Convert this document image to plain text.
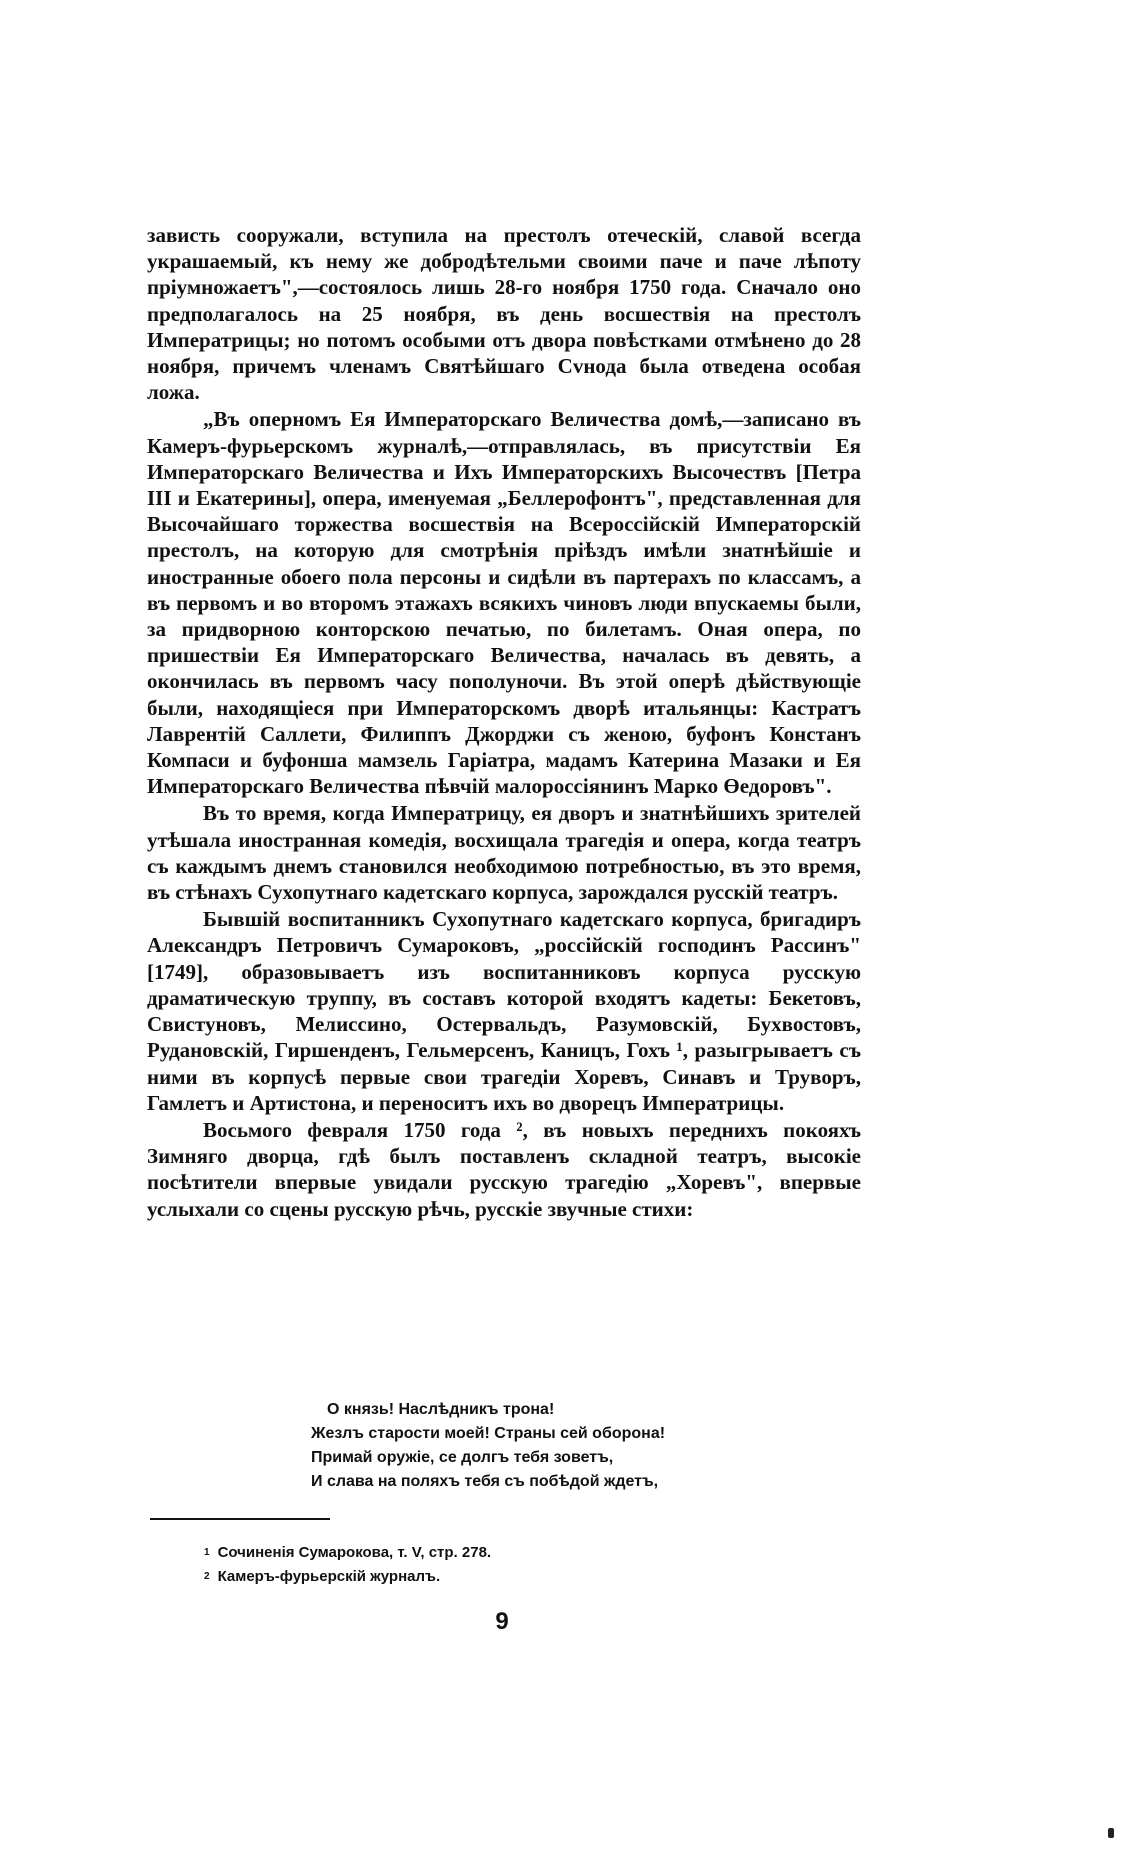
зависть сооружали, вступила на престолъ отеческій, славой всегда украшаемый, къ нему же добродѣтельми своими паче и паче лѣпоту пріумножаетъ",—состоялось лишь 28-го ноября 1750 года. Сначало оно предполагалось на 25 ноября, въ день восшествія на престолъ Императрицы; но потомъ особыми отъ двора повѣстками отмѣнено до 28 ноября, причемъ членамъ Святѣйшаго Сvнода была отведена особая ложа.

„Въ оперномъ Ея Императорскаго Величества домѣ,—записано въ Камеръ-фурьерскомъ журналѣ,—отправлялась, въ присутствіи Ея Императорскаго Величества и Ихъ Императорскихъ Высочествъ [Петра III и Екатерины], опера, именуемая „Беллерофонтъ", представленная для Высочайшаго торжества восшествія на Всероссійскій Императорскій престолъ, на которую для смотрѣнія пріѣздъ имѣли знатнѣйшіе и иностранные обоего пола персоны и сидѣли въ партерахъ по классамъ, а въ первомъ и во второмъ этажахъ всякихъ чиновъ люди впускаемы были, за придворною конторскою печатью, по билетамъ. Оная опера, по пришествіи Ея Императорскаго Величества, началась въ девять, а окончилась въ первомъ часу пополуночи. Въ этой оперѣ дѣйствующіе были, находящіеся при Императорскомъ дворѣ итальянцы: Кастратъ Лаврентій Саллети, Филиппъ Джорджи съ женою, буфонъ Констанъ Компаси и буфонша мамзель Гаріатра, мадамъ Катерина Мазаки и Ея Императорскаго Величества пѣвчій малороссіянинъ Марко Өедоровъ".

Въ то время, когда Императрицу, ея дворъ и знатнѣйшихъ зрителей утѣшала иностранная комедія, восхищала трагедія и опера, когда театръ съ каждымъ днемъ становился необходимою потребностью, въ это время, въ стѣнахъ Сухопутнаго кадетскаго корпуса, зарождался русскій театръ.

Бывшій воспитанникъ Сухопутнаго кадетскаго корпуса, бригадиръ Александръ Петровичъ Сумароковъ, „россійскій господинъ Рассинъ" [1749], образовываетъ изъ воспитанниковъ корпуса русскую драматическую труппу, въ составъ которой входятъ кадеты: Бекетовъ, Свистуновъ, Мелиссино, Остервальдъ, Разумовскій, Бухвостовъ, Рудановскій, Гиршенденъ, Гельмерсенъ, Каницъ, Гохъ ¹, разыгрываетъ съ ними въ корпусѣ первые свои трагедіи Хоревъ, Синавъ и Труворъ, Гамлетъ и Артистона, и переноситъ ихъ во дворецъ Императрицы.

Восьмого февраля 1750 года ², въ новыхъ переднихъ покояхъ Зимняго дворца, гдѣ былъ поставленъ складной театръ, высокіе посѣтители впервые увидали русскую трагедію „Хоревъ", впервые услыхали со сцены русскую рѣчь, русскіе звучные стихи:

О князь! Наслѣдникъ трона!
Жезлъ старости моей! Страны сей оборона!
Примай оружіе, се долгъ тебя зоветъ,
И слава на поляхъ тебя съ побѣдой ждетъ,
$^1$ Сочиненія Сумарокова, т. V, стр. 278.
$^2$ Камеръ-фурьерскій журналъ.
9
